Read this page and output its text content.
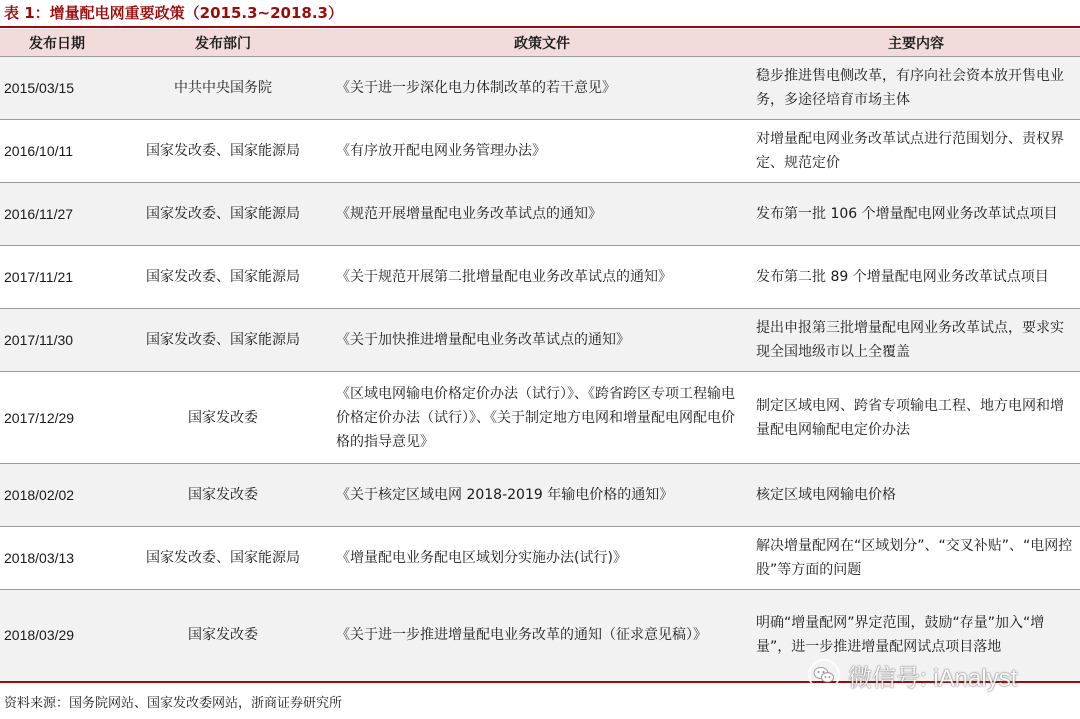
表 1：增量配电网重要政策（2015.3~2018.3）
发布日期	发布部门	政策文件	主要内容
2015/03/15	中共中央国务院	《关于进一步深化电力体制改革的若干意见》	稳步推进售电侧改革，有序向社会资本放开售电业务，多途径培育市场主体
2016/10/11	国家发改委、国家能源局	《有序放开配电网业务管理办法》	对增量配电网业务改革试点进行范围划分、责权界定、规范定价
2016/11/27	国家发改委、国家能源局	《规范开展增量配电业务改革试点的通知》	发布第一批 106 个增量配电网业务改革试点项目
2017/11/21	国家发改委、国家能源局	《关于规范开展第二批增量配电业务改革试点的通知》	发布第二批 89 个增量配电网业务改革试点项目
2017/11/30	国家发改委、国家能源局	《关于加快推进增量配电业务改革试点的通知》	提出申报第三批增量配电网业务改革试点，要求实现全国地级市以上全覆盖
2017/12/29	国家发改委	《区域电网输电价格定价办法（试行）》、《跨省跨区专项工程输电价格定价办法（试行）》、《关于制定地方电网和增量配电网配电价格的指导意见》	制定区域电网、跨省专项输电工程、地方电网和增量配电网输配电定价办法
2018/02/02	国家发改委	《关于核定区域电网 2018-2019 年输电价格的通知》	核定区域电网输电价格
2018/03/13	国家发改委、国家能源局	《增量配电业务配电区域划分实施办法(试行)》	解决增量配网在“区域划分”、“交叉补贴”、“电网控股”等方面的问题
2018/03/29	国家发改委	《关于进一步推进增量配电业务改革的通知（征求意见稿）》	明确“增量配网”界定范围，鼓励“存量”加入“增量”，进一步推进增量配网试点项目落地
微信号: iAnalyst
资料来源：国务院网站、国家发改委网站，浙商证券研究所
